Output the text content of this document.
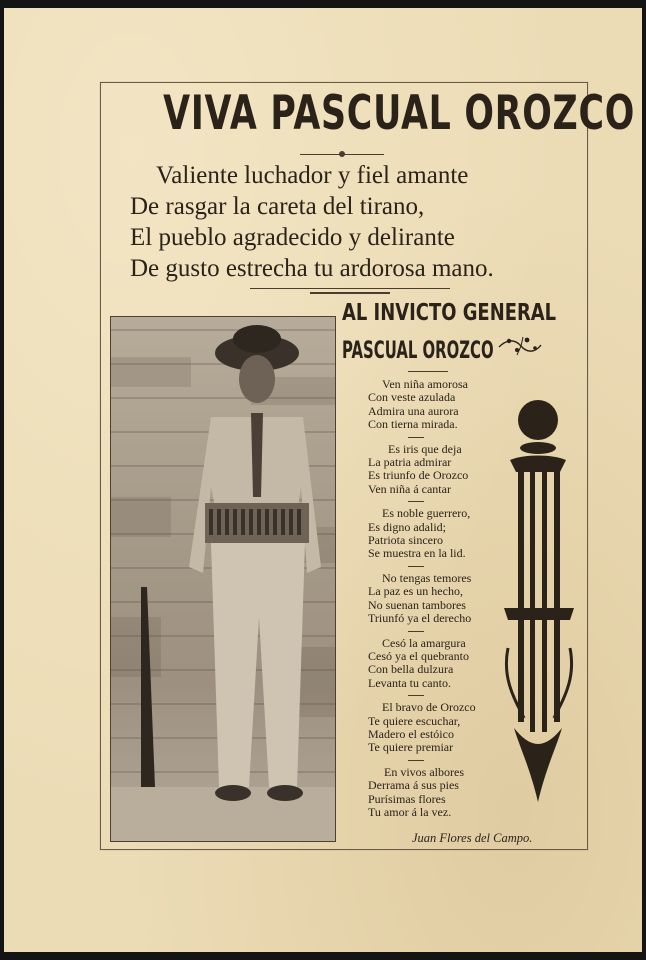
VIVA PASCUAL OROZCO
Valiente luchador y fiel amante
De rasgar la careta del tirano,
El pueblo agradecido y delirante
De gusto estrecha tu ardorosa mano.
AL INVICTO GENERAL
PASCUAL OROZCO
Ven niña amorosa
Con veste azulada
Admira una aurora
Con tierna mirada.
Es iris que deja
La patria admirar
Es triunfo de Orozco
Ven niña á cantar
Es noble guerrero,
Es digno adalid;
Patriota sincero
Se muestra en la lid.
No tengas temores
La paz es un hecho,
No suenan tambores
Triunfó ya el derecho
Cesó la amargura
Cesó ya el quebranto
Con bella dulzura
Levanta tu canto.
El bravo de Orozco
Te quiere escuchar,
Madero el estóico
Te quiere premiar
En vivos albores
Derrama á sus pies
Purísimas flores
Tu amor á la vez.
Juan Flores del Campo.
